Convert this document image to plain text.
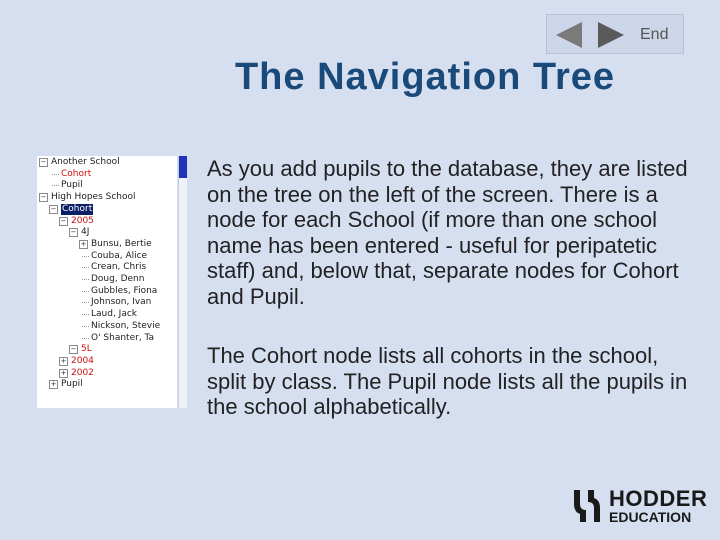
End
The Navigation Tree
− Another School
Cohort
Pupil
− High Hopes School
− Cohort
− 2005
− 4J
+ Bunsu, Bertie
Couba, Alice
Crean, Chris
Doug, Denn
Gubbles, Fiona
Johnson, Ivan
Laud, Jack
Nickson, Stevie
O' Shanter, Ta
− 5L
+ 2004
+ 2002
+ Pupil

As you add pupils to the database, they are listed on the tree on the left of the screen. There is a node for each School (if more than one school name has been entered - useful for peripatetic staff) and, below that, separate nodes for Cohort and Pupil.

The Cohort node lists all cohorts in the school, split by class. The Pupil node lists all the pupils in the school alphabetically.

HODDER
EDUCATION
